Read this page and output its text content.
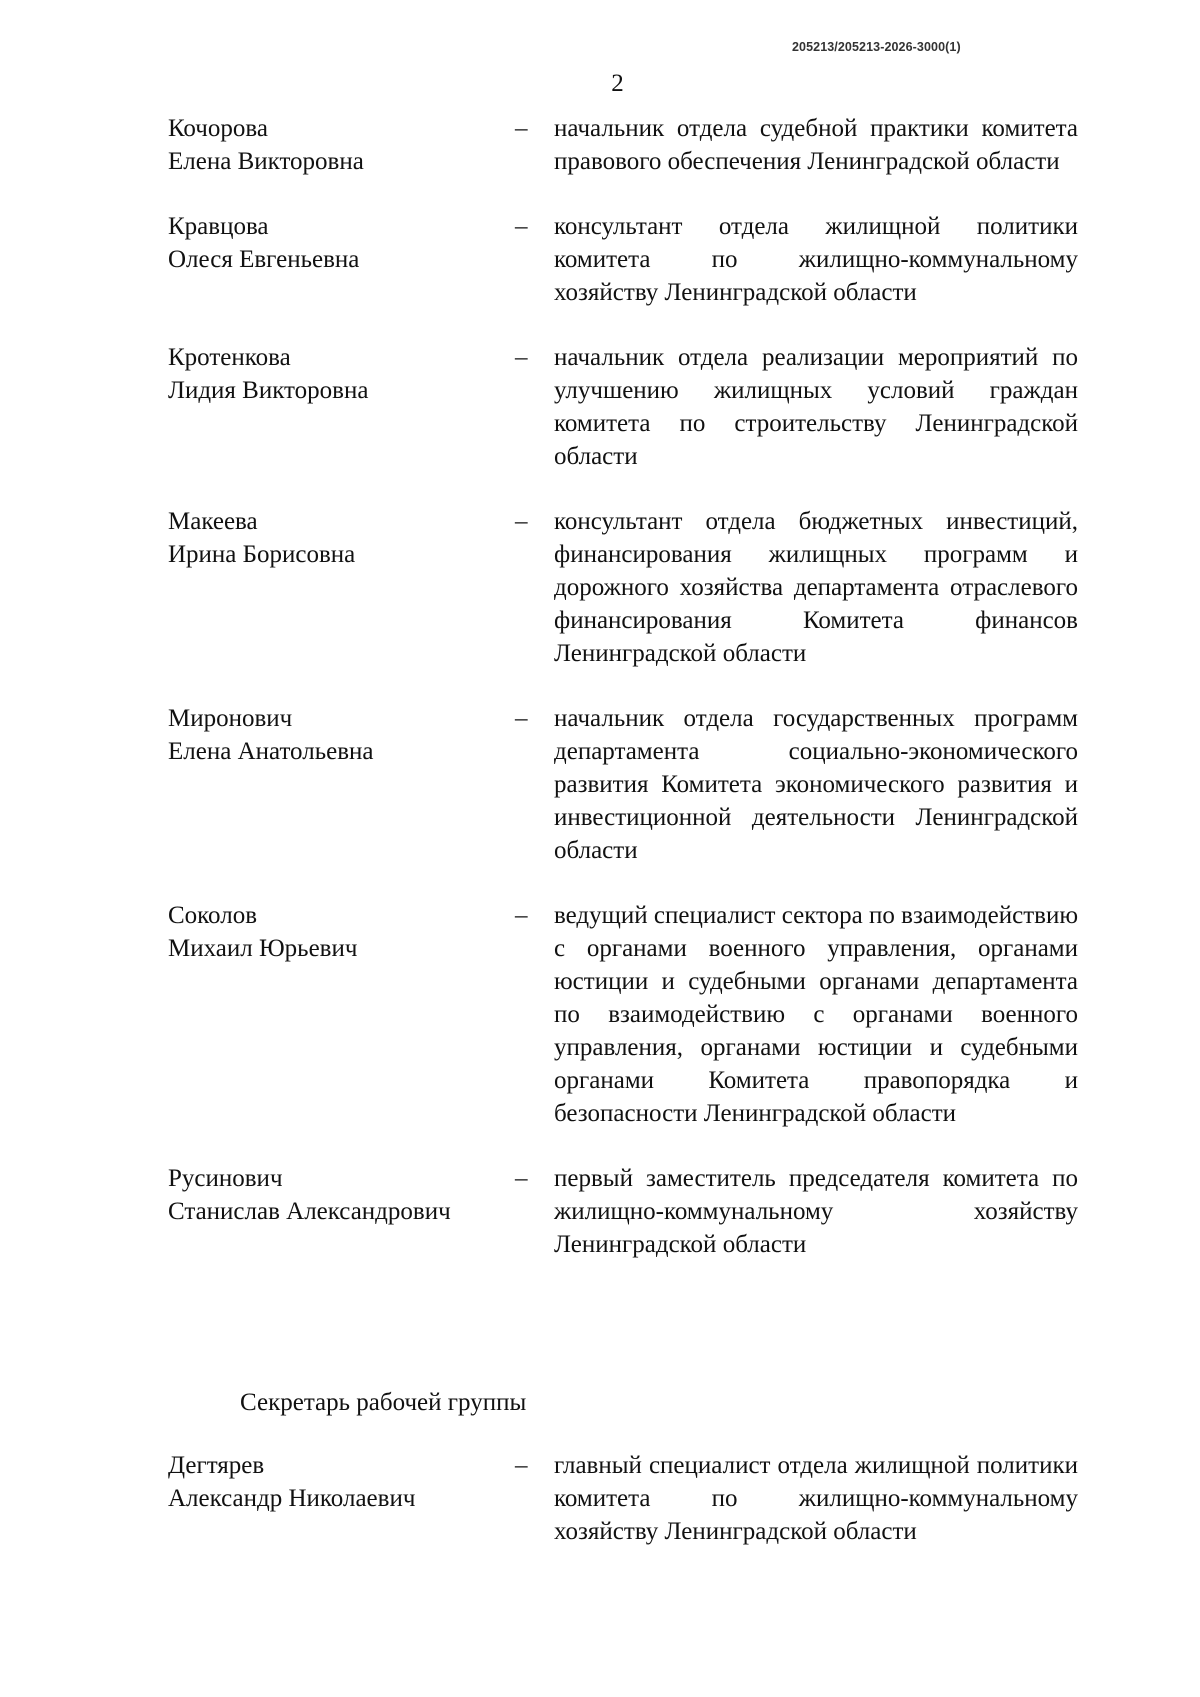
205213/205213-2026-3000(1)
2
Кочорова
Елена Викторовна
–	начальник отдела судебной практики комитета правового обеспечения Ленинградской области
Кравцова
Олеся Евгеньевна
–	консультант отдела жилищной политики комитета по жилищно-коммунальному хозяйству Ленинградской области
Кротенкова
Лидия Викторовна
–	начальник отдела реализации мероприятий по улучшению жилищных условий граждан комитета по строительству Ленинградской области
Макеева
Ирина Борисовна
–	консультант отдела бюджетных инвестиций, финансирования жилищных программ и дорожного хозяйства департамента отраслевого финансирования Комитета финансов Ленинградской области
Миронович
Елена Анатольевна
–	начальник отдела государственных программ департамента социально-экономического развития Комитета экономического развития и инвестиционной деятельности Ленинградской области
Соколов
Михаил Юрьевич
–	ведущий специалист сектора по взаимодействию с органами военного управления, органами юстиции и судебными органами департамента по взаимодействию с органами военного управления, органами юстиции и судебными органами Комитета правопорядка и безопасности Ленинградской области
Русинович
Станислав Александрович
–	первый заместитель председателя комитета по жилищно-коммунальному хозяйству Ленинградской области
Секретарь рабочей группы
Дегтярев
Александр Николаевич
–	главный специалист отдела жилищной политики комитета по жилищно-коммунальному хозяйству Ленинградской области
